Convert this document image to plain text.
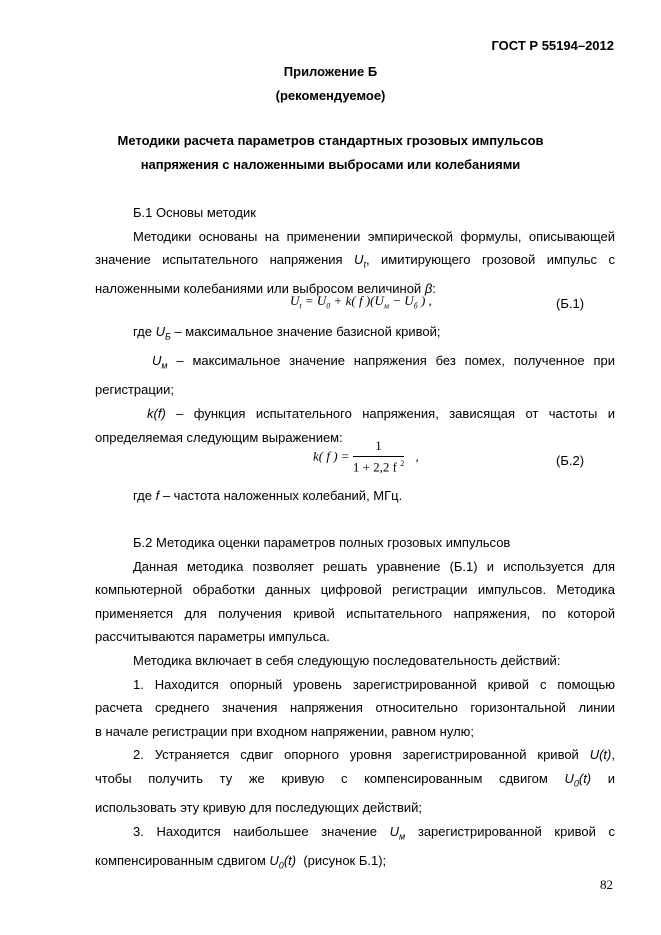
ГОСТ Р 55194–2012
Приложение Б
(рекомендуемое)
Методики расчета параметров стандартных грозовых импульсов
напряжения с наложенными выбросами или колебаниями

Б.1 Основы методик

Методики основаны на применении эмпирической формулы, описывающей

значение испытательного напряжения $U_t$, имитирующего грозовой импульс с

наложенными колебаниями или выбросом величиной β:

$U_t = U_0 + k$( f )($U_м - U_б$ ) ,	(Б.1)

где $U_Б$ – максимальное значение базисной кривой;

$U_м$ – максимальное значение напряжения без помех, полученное при

регистрации;

k(f) – функция испытательного напряжения, зависящая от частоты и

определяемая следующим выражением:

k( f ) = $\frac{1}{1 + 2,2 f ^2}$ ,	(Б.2)

где f – частота наложенных колебаний, МГц.

Б.2 Методика оценки параметров полных грозовых импульсов

Данная методика позволяет решать уравнение (Б.1) и используется для

компьютерной обработки данных цифровой регистрации импульсов. Методика

применяется для получения кривой испытательного напряжения, по которой

рассчитываются параметры импульса.

Методика включает в себя следующую последовательность действий:

1. Находится опорный уровень зарегистрированной кривой с помощью

расчета среднего значения напряжения относительно горизонтальной линии

в начале регистрации при входном напряжении, равном нулю;

2. Устраняется сдвиг опорного уровня зарегистрированной кривой U(t),

чтобы получить ту же кривую с компенсированным сдвигом $U_0(t)$ и

использовать эту кривую для последующих действий;

3. Находится наибольшее значение $U_м$ зарегистрированной кривой с

компенсированным сдвигом $U_0(t)$  (рисунок Б.1);

82
